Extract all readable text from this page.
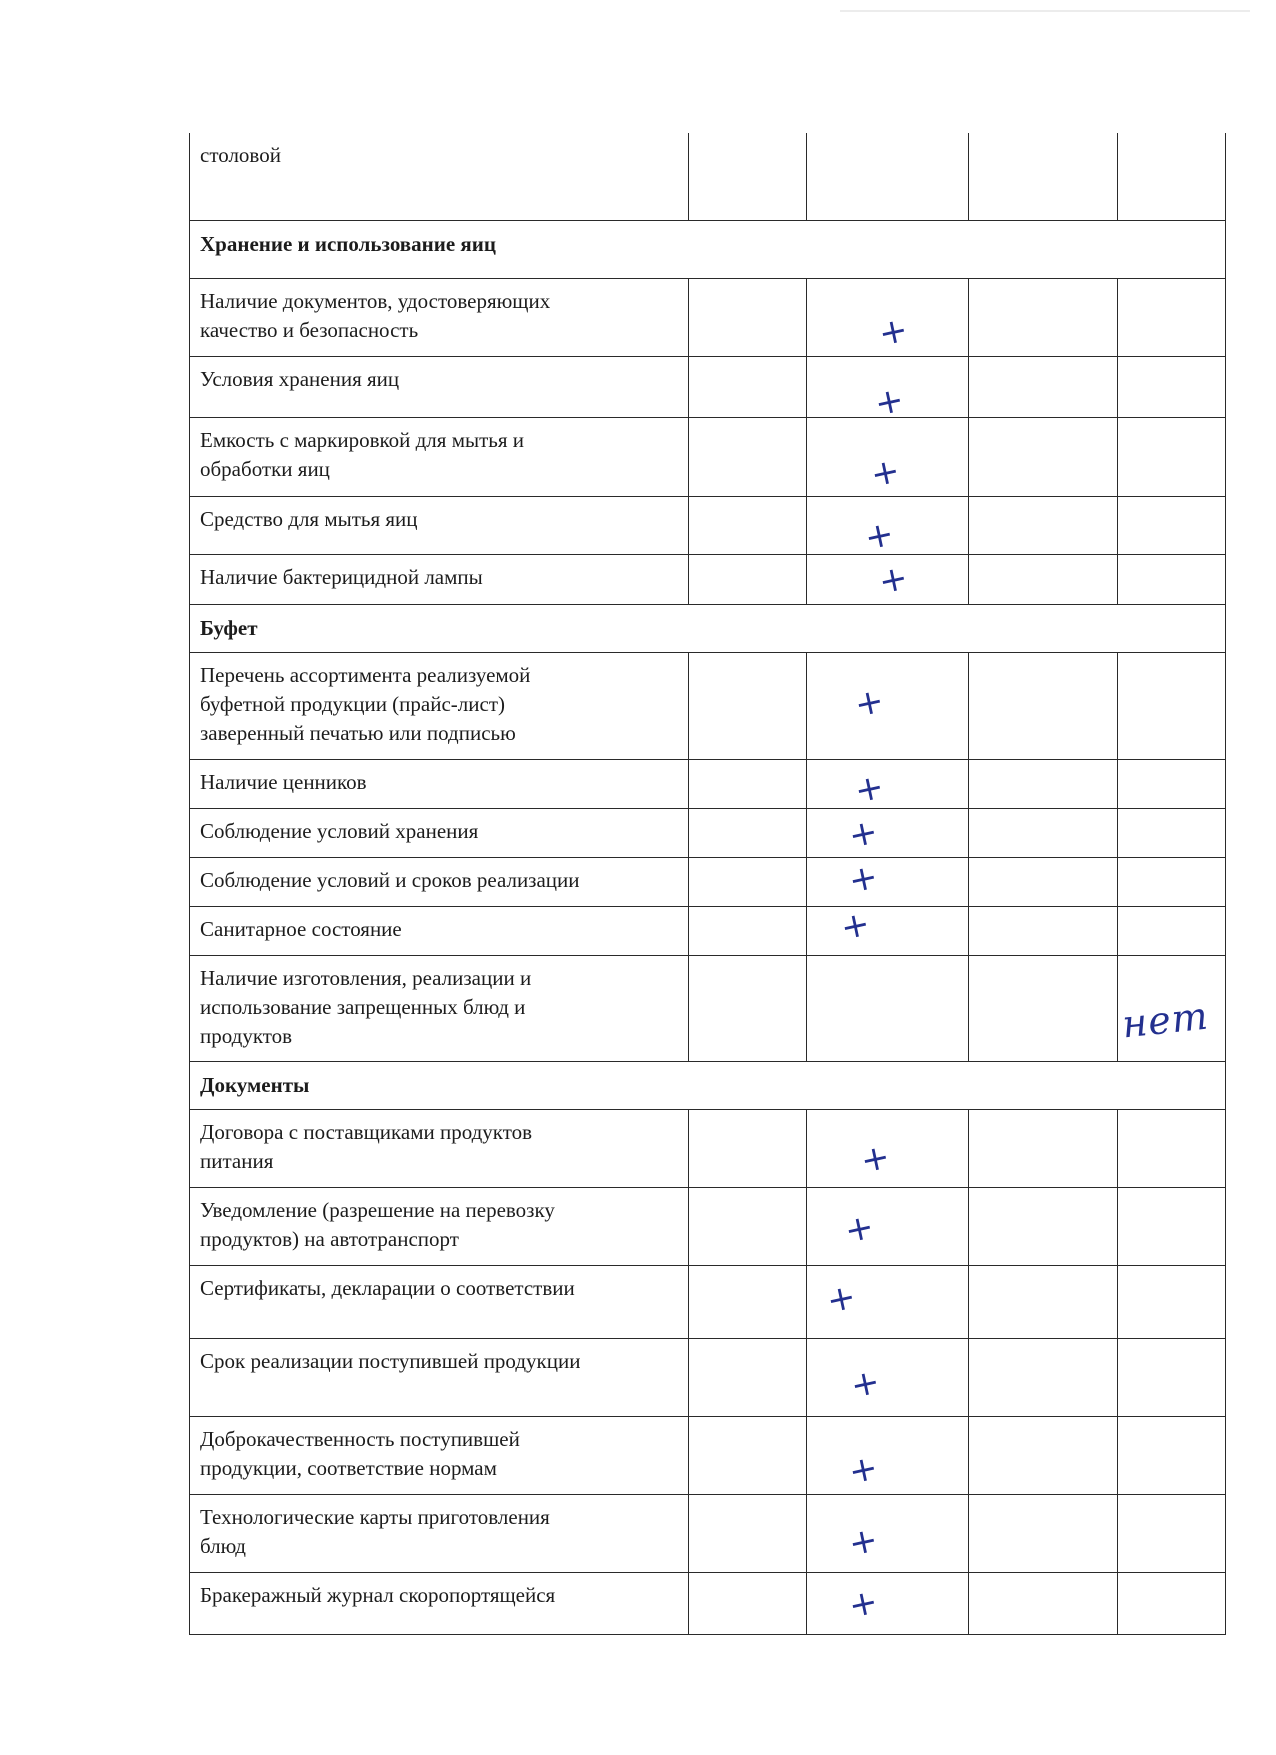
столовой				
Хранение и использование яиц				
Наличие документов, удостоверяющих
качество и безопасность		+		

Условия хранения яиц		+		

Емкость с маркировкой для мытья и
обработки яиц		+		

Средство для мытья яиц		+		

Наличие бактерицидной лампы		+		

Буфет				
Перечень ассортимента реализуемой
буфетной продукции (прайс-лист)
заверенный печатью или подписью		+		

Наличие ценников		+		

Соблюдение условий хранения		+		

Соблюдение условий и сроков реализации		+		

Санитарное состояние		+		

Наличие изготовления, реализации и
использование запрещенных блюд и
продуктов				нет

Документы				
Договора с поставщиками продуктов
питания		+		

Уведомление (разрешение на перевозку
продуктов) на автотранспорт		+		

Сертификаты, декларации о соответствии		+		

Срок реализации поступившей продукции		+		

Доброкачественность поступившей
продукции, соответствие нормам		+		

Технологические карты приготовления
блюд		+		

Бракеражный журнал скоропортящейся		+		
